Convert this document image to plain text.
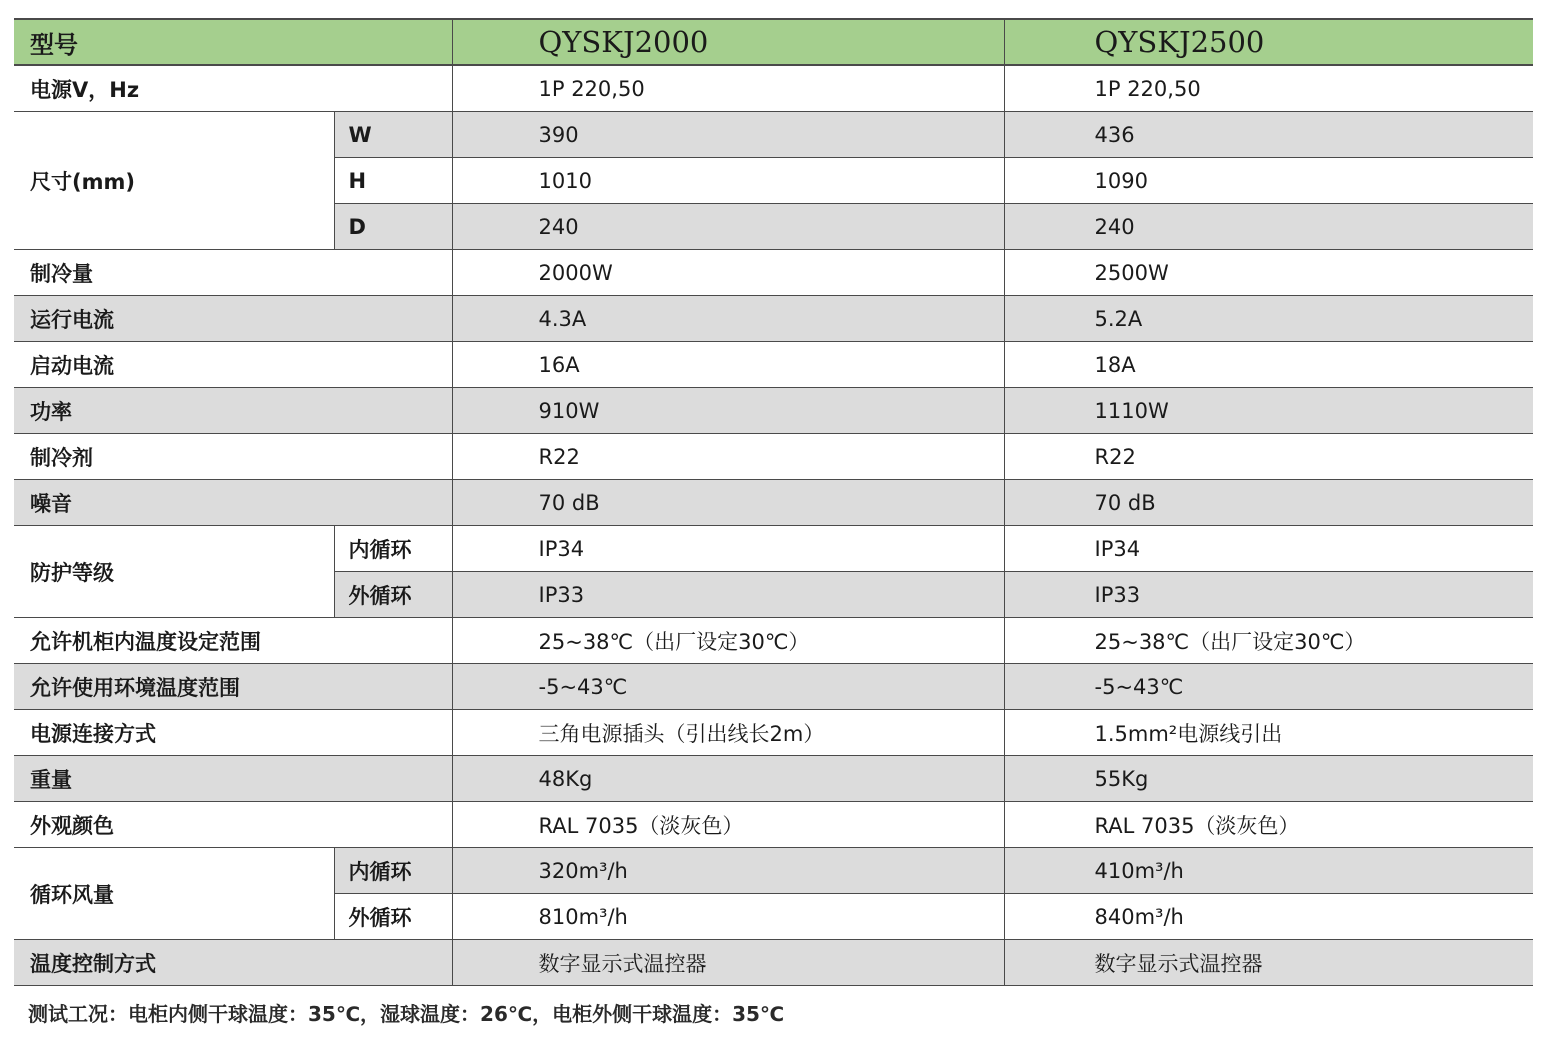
型号		QYSKJ2000	QYSKJ2500
电源V，Hz		1P 220,50	1P 220,50
尺寸(mm)	W	390	436
	H	1010	1090
	D	240	240
制冷量		2000W	2500W
运行电流		4.3A	5.2A
启动电流		16A	18A
功率		910W	1110W
制冷剂		R22	R22
噪音		70 dB	70 dB
防护等级	内循环	IP34	IP34
	外循环	IP33	IP33
允许机柜内温度设定范围		25~38℃（出厂设定30℃）	25~38℃（出厂设定30℃）
允许使用环境温度范围		-5~43℃	-5~43℃
电源连接方式		三角电源插头（引出线长2m）	1.5mm²电源线引出
重量		48Kg	55Kg
外观颜色		RAL 7035（淡灰色）	RAL 7035（淡灰色）
循环风量	内循环	320m³/h	410m³/h
	外循环	810m³/h	840m³/h
温度控制方式		数字显示式温控器	数字显示式温控器
测试工况：电柜内侧干球温度：35℃，湿球温度：26℃，电柜外侧干球温度：35℃
